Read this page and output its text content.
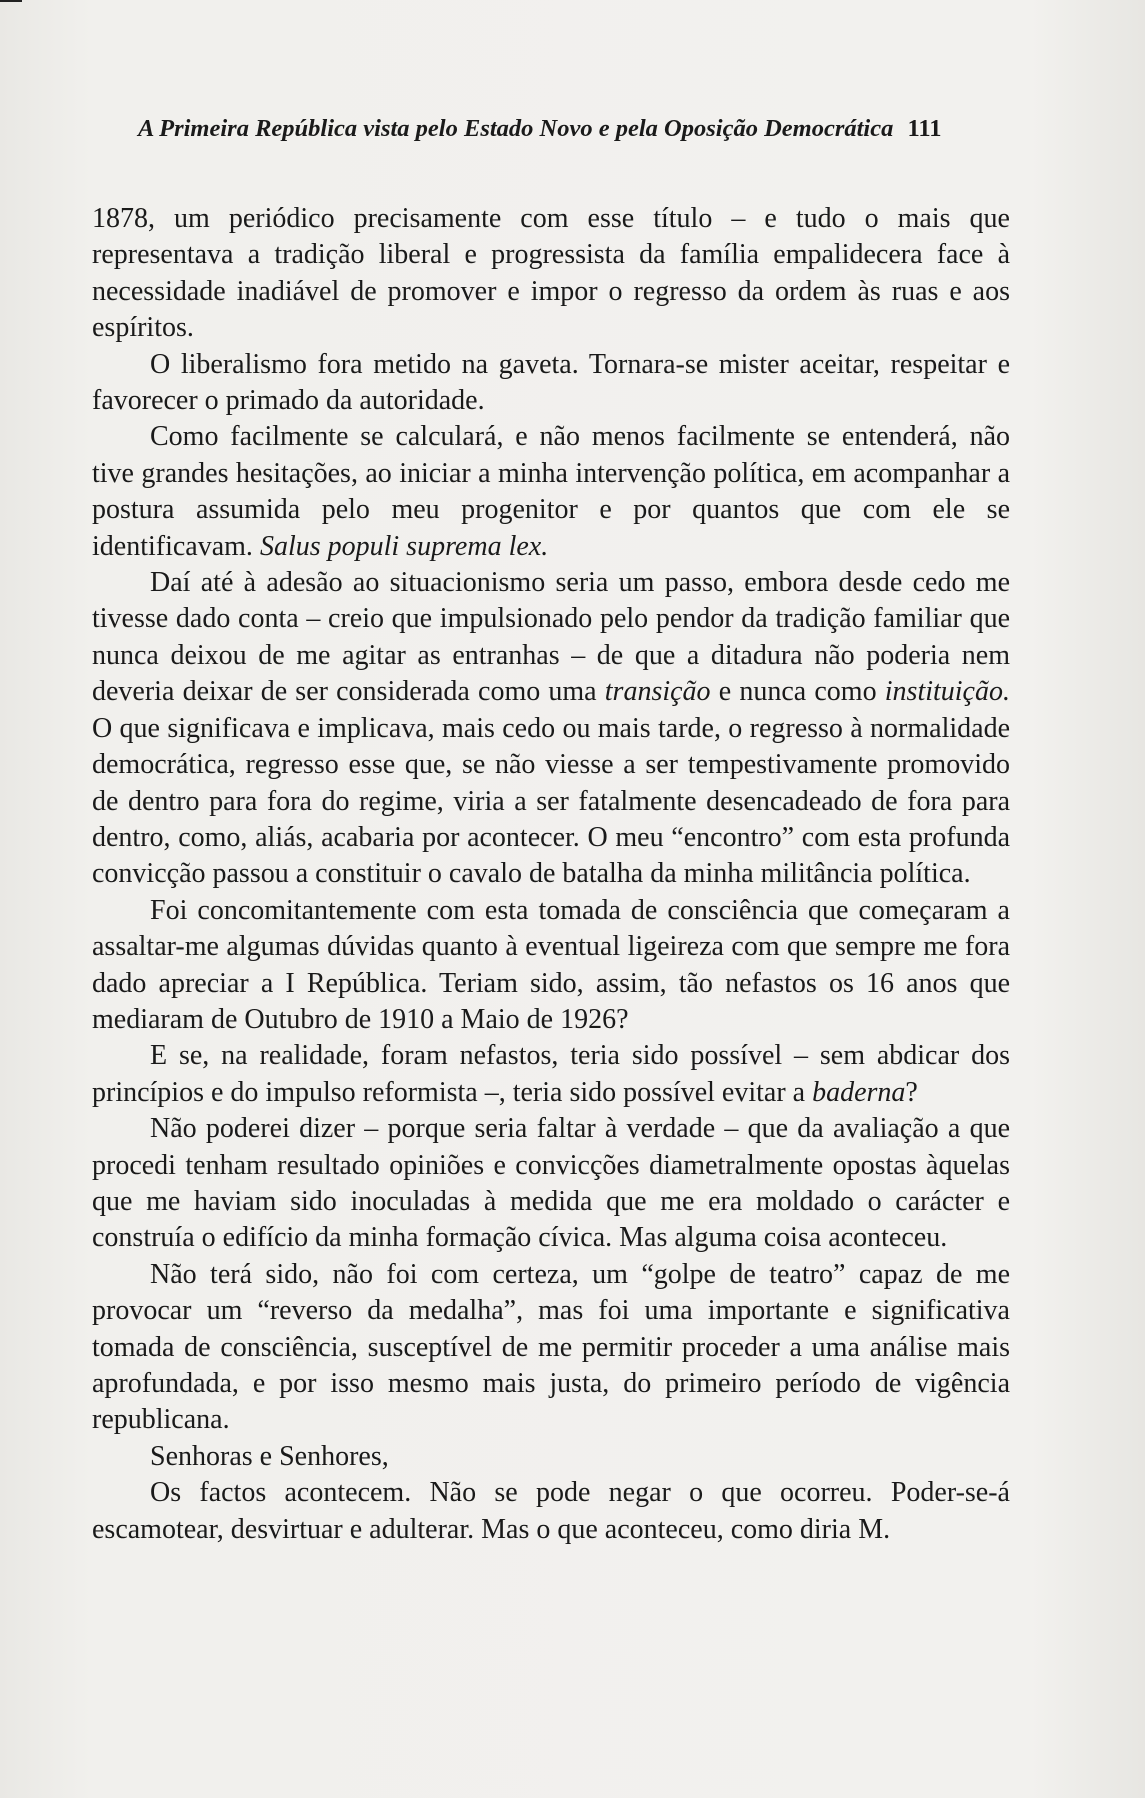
A Primeira República vista pelo Estado Novo e pela Oposição Democrática 111

1878, um periódico precisamente com esse título – e tudo o mais que representava a tradição liberal e progressista da família empalidecera face à necessidade inadiável de promover e impor o regresso da ordem às ruas e aos espíritos.

O liberalismo fora metido na gaveta. Tornara-se mister aceitar, respeitar e favorecer o primado da autoridade.

Como facilmente se calculará, e não menos facilmente se entenderá, não tive grandes hesitações, ao iniciar a minha intervenção política, em acompanhar a postura assumida pelo meu progenitor e por quantos que com ele se identificavam. Salus populi suprema lex.

Daí até à adesão ao situacionismo seria um passo, embora desde cedo me tivesse dado conta – creio que impulsionado pelo pendor da tradição familiar que nunca deixou de me agitar as entranhas – de que a ditadura não poderia nem deveria deixar de ser considerada como uma transição e nunca como instituição. O que significava e implicava, mais cedo ou mais tarde, o regresso à normalidade democrática, regresso esse que, se não viesse a ser tempestivamente promovido de dentro para fora do regime, viria a ser fatalmente desencadeado de fora para dentro, como, aliás, acabaria por acontecer. O meu “encontro” com esta profunda convicção passou a constituir o cavalo de batalha da minha militância política.

Foi concomitantemente com esta tomada de consciência que começaram a assaltar-me algumas dúvidas quanto à eventual ligeireza com que sempre me fora dado apreciar a I República. Teriam sido, assim, tão nefastos os 16 anos que mediaram de Outubro de 1910 a Maio de 1926?

E se, na realidade, foram nefastos, teria sido possível – sem abdicar dos princípios e do impulso reformista –, teria sido possível evitar a baderna?

Não poderei dizer – porque seria faltar à verdade – que da avaliação a que procedi tenham resultado opiniões e convicções diametralmente opostas àquelas que me haviam sido inoculadas à medida que me era moldado o carácter e construía o edifício da minha formação cívica. Mas alguma coisa aconteceu.

Não terá sido, não foi com certeza, um “golpe de teatro” capaz de me provocar um “reverso da medalha”, mas foi uma importante e significativa tomada de consciência, susceptível de me permitir proceder a uma análise mais aprofundada, e por isso mesmo mais justa, do primeiro período de vigência republicana.

Senhoras e Senhores,

Os factos acontecem. Não se pode negar o que ocorreu. Poder-se-á escamotear, desvirtuar e adulterar. Mas o que aconteceu, como diria M.
